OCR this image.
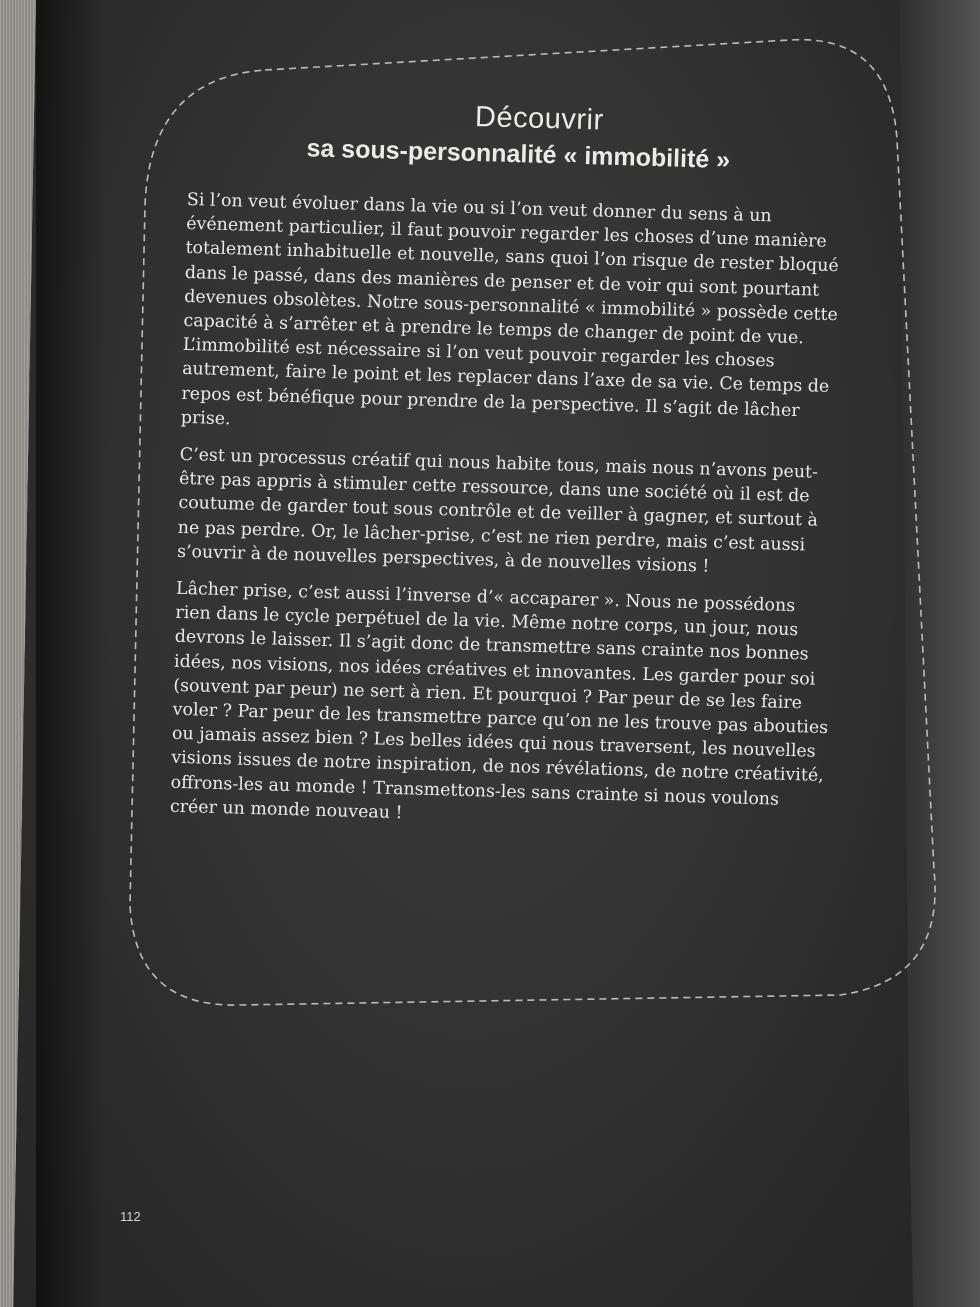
Découvrir
sa sous-personnalité « immobilité »

Si l’on veut évoluer dans la vie ou si l’on veut donner du sens à un événement particulier, il faut pouvoir regarder les choses d’une manière totalement inhabituelle et nouvelle, sans quoi l’on risque de rester bloqué dans le passé, dans des manières de penser et de voir qui sont pourtant devenues obsolètes. Notre sous-personnalité « immobilité » possède cette capacité à s’arrêter et à prendre le temps de changer de point de vue. L’immobilité est nécessaire si l’on veut pouvoir regarder les choses autrement, faire le point et les replacer dans l’axe de sa vie. Ce temps de repos est bénéfique pour prendre de la perspective. Il s’agit de lâcher prise.

C’est un processus créatif qui nous habite tous, mais nous n’avons peut-être pas appris à stimuler cette ressource, dans une société où il est de coutume de garder tout sous contrôle et de veiller à gagner, et surtout à ne pas perdre. Or, le lâcher-prise, c’est ne rien perdre, mais c’est aussi s’ouvrir à de nouvelles perspectives, à de nouvelles visions !

Lâcher prise, c’est aussi l’inverse d’« accaparer ». Nous ne possédons rien dans le cycle perpétuel de la vie. Même notre corps, un jour, nous devrons le laisser. Il s’agit donc de transmettre sans crainte nos bonnes idées, nos visions, nos idées créatives et innovantes. Les garder pour soi (souvent par peur) ne sert à rien. Et pourquoi ? Par peur de se les faire voler ? Par peur de les transmettre parce qu’on ne les trouve pas abouties ou jamais assez bien ? Les belles idées qui nous traversent, les nouvelles visions issues de notre inspiration, de nos révélations, de notre créativité, offrons-les au monde ! Transmettons-les sans crainte si nous voulons créer un monde nouveau !

112
